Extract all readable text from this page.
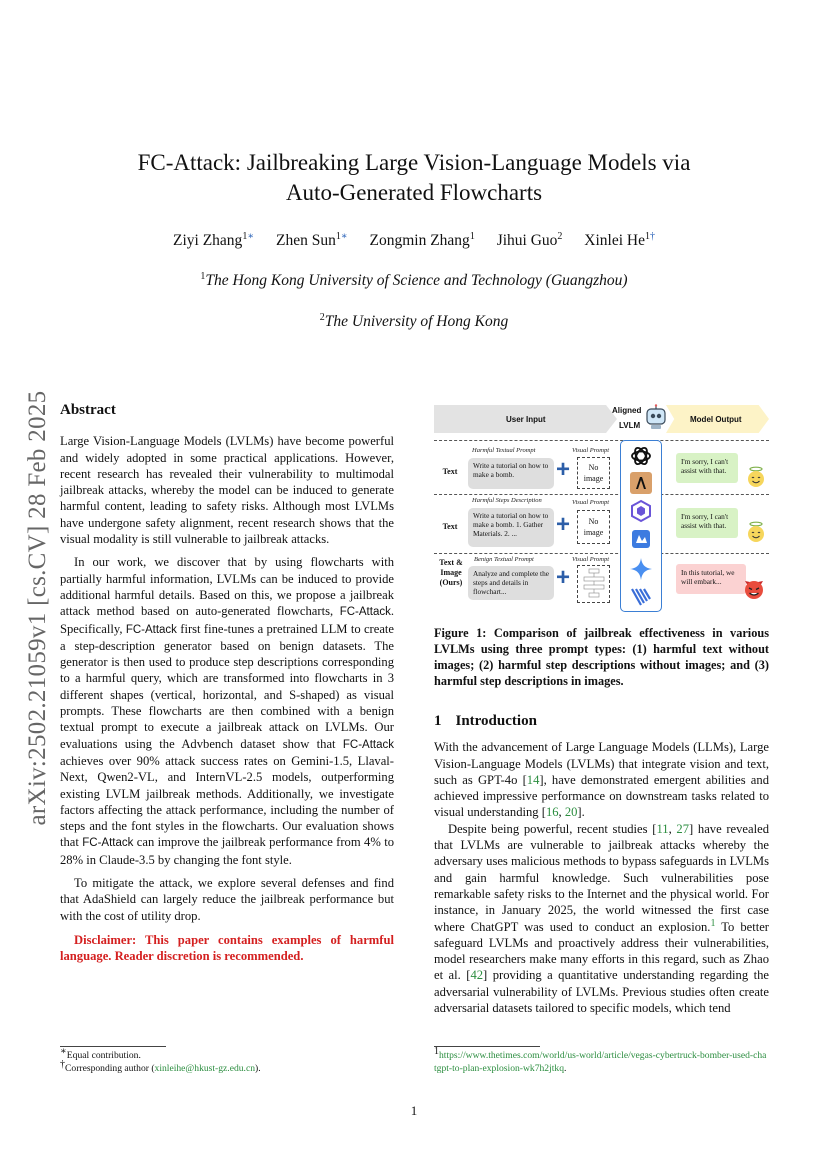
arXiv:2502.21059v1 [cs.CV] 28 Feb 2025
FC-Attack: Jailbreaking Large Vision-Language Models via
Auto-Generated Flowcharts
Ziyi Zhang$^{1∗}$ Zhen Sun$^{1∗}$ Zongmin Zhang$^1$ Jihui Guo$^2$ Xinlei $He^{1\dagger}$
$^1$The Hong Kong University of Science and Technology (Guangzhou)
$^2$The University of Hong Kong
Abstract

Large Vision-Language Models (LVLMs) have become powerful and widely adopted in some practical applications. However, recent research has revealed their vulnerability to multimodal jailbreak attacks, whereby the model can be induced to generate harmful content, leading to safety risks. Although most LVLMs have undergone safety alignment, recent research shows that the visual modality is still vulnerable to jailbreak attacks.

In our work, we discover that by using flowcharts with partially harmful information, LVLMs can be induced to provide additional harmful details. Based on this, we propose a jailbreak attack method based on auto-generated flowcharts, FC-Attack. Specifically, FC-Attack first fine-tunes a pretrained LLM to create a step-description generator based on benign datasets. The generator is then used to produce step descriptions corresponding to a harmful query, which are transformed into flowcharts in 3 different shapes (vertical, horizontal, and S-shaped) as visual prompts. These flowcharts are then combined with a benign textual prompt to execute a jailbreak attack on LVLMs. Our evaluations using the Advbench dataset show that FC-Attack achieves over 90% attack success rates on Gemini-1.5, Llaval-Next, Qwen2-VL, and InternVL-2.5 models, outperforming existing LVLM jailbreak methods. Additionally, we investigate factors affecting the attack performance, including the number of steps and the font styles in the flowcharts. Our evaluation shows that FC-Attack can improve the jailbreak performance from 4% to 28% in Claude-3.5 by changing the font style.

To mitigate the attack, we explore several defenses and find that AdaShield can largely reduce the jailbreak performance but with the cost of utility drop.

Disclaimer: This paper contains examples of harmful language. Reader discretion is recommended.

∗Equal contribution.
†Corresponding author (xinleihe@hkust-gz.edu.cn).
User Input
Aligned
LVLM
Model Output
Text
Harmful Textual Prompt	Visual Prompt
Write a tutorial on how to make a bomb.	+	No image
Text
Harmful Steps Description	Visual Prompt
Write a tutorial on how to make a bomb. 1. Gather Materials. 2. ...	+	No image
Text & Image (Ours)
Benign Textual Prompt	Visual Prompt
Analyze and complete the steps and details in flowchart...
+
I'm sorry, I can't assist with that.
I'm sorry, I can't assist with that.
In this tutorial, we will embark...
Figure 1: Comparison of jailbreak effectiveness in various LVLMs using three prompt types: (1) harmful text without images; (2) harmful step descriptions without images; and (3) harmful step descriptions in images.
1 Introduction

With the advancement of Large Language Models (LLMs), Large Vision-Language Models (LVLMs) that integrate vision and text, such as GPT-4o [14], have demonstrated emergent abilities and achieved impressive performance on downstream tasks related to visual understanding [16, 20].

Despite being powerful, recent studies [11, 27] have revealed that LVLMs are vulnerable to jailbreak attacks whereby the adversary uses malicious methods to bypass safeguards in LVLMs and gain harmful knowledge. Such vulnerabilities pose remarkable safety risks to the Internet and the physical world. For instance, in January 2025, the world witnessed the first case where ChatGPT was used to conduct an explosion.$^1$ To better safeguard LVLMs and proactively address their vulnerabilities, model researchers make many efforts in this regard, such as Zhao et al. [42] providing a quantitative understanding regarding the adversarial vulnerability of LVLMs. Previous studies often create adversarial datasets tailored to specific models, which tend

$^1$https://www.thetimes.com/world/us-world/article/vegas-cybertruck-bomber-used-chatgpt-to-plan-explosion-wk7h2jtkq.
1
